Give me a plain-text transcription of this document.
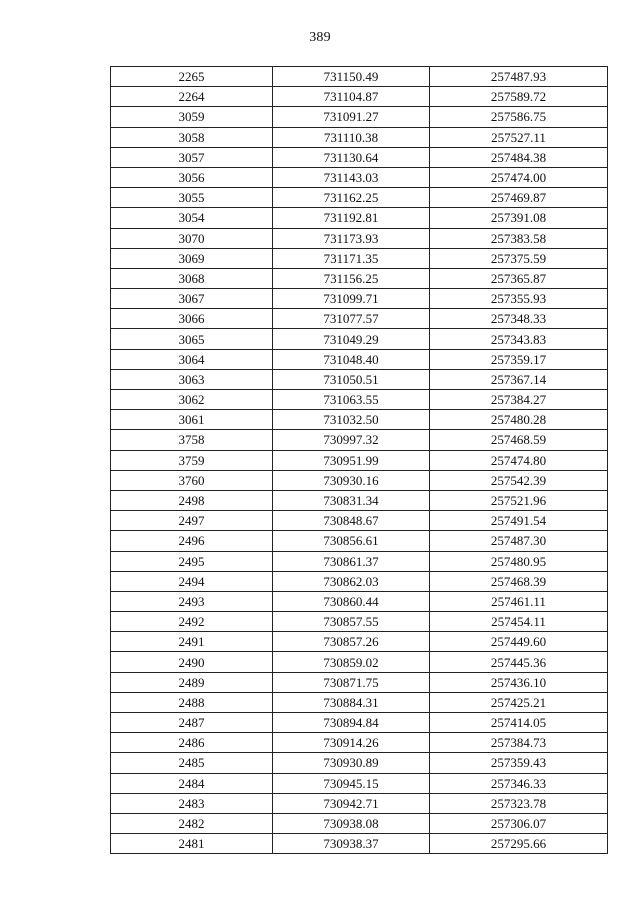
389
2265	731150.49	257487.93
2264	731104.87	257589.72
3059	731091.27	257586.75
3058	731110.38	257527.11
3057	731130.64	257484.38
3056	731143.03	257474.00
3055	731162.25	257469.87
3054	731192.81	257391.08
3070	731173.93	257383.58
3069	731171.35	257375.59
3068	731156.25	257365.87
3067	731099.71	257355.93
3066	731077.57	257348.33
3065	731049.29	257343.83
3064	731048.40	257359.17
3063	731050.51	257367.14
3062	731063.55	257384.27
3061	731032.50	257480.28
3758	730997.32	257468.59
3759	730951.99	257474.80
3760	730930.16	257542.39
2498	730831.34	257521.96
2497	730848.67	257491.54
2496	730856.61	257487.30
2495	730861.37	257480.95
2494	730862.03	257468.39
2493	730860.44	257461.11
2492	730857.55	257454.11
2491	730857.26	257449.60
2490	730859.02	257445.36
2489	730871.75	257436.10
2488	730884.31	257425.21
2487	730894.84	257414.05
2486	730914.26	257384.73
2485	730930.89	257359.43
2484	730945.15	257346.33
2483	730942.71	257323.78
2482	730938.08	257306.07
2481	730938.37	257295.66
